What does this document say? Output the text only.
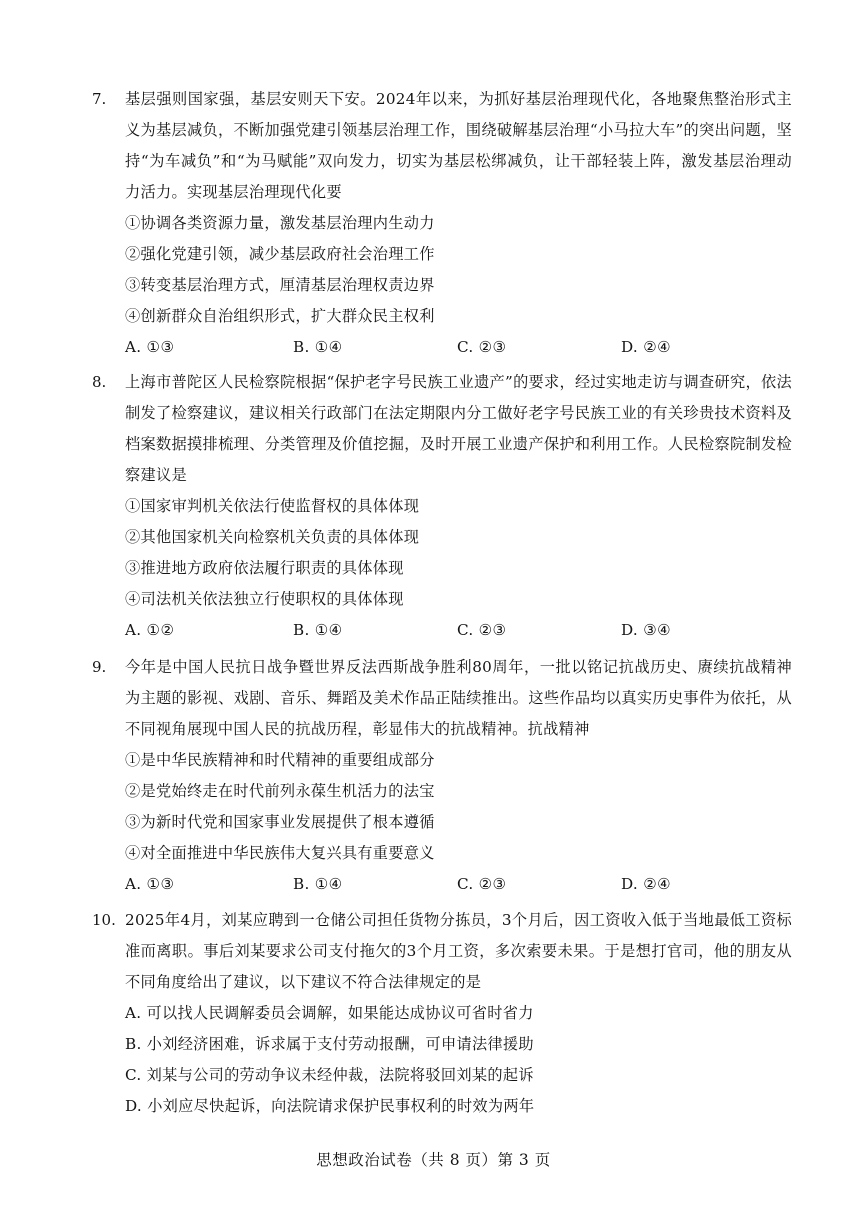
7. 基层强则国家强，基层安则天下安。2024年以来，为抓好基层治理现代化，各地聚焦整治形式主义为基层减负，不断加强党建引领基层治理工作，围绕破解基层治理“小马拉大车”的突出问题，坚持“为车减负”和“为马赋能”双向发力，切实为基层松绑减负，让干部轻装上阵，激发基层治理动力活力。实现基层治理现代化要

①协调各类资源力量，激发基层治理内生动力

②强化党建引领，减少基层政府社会治理工作

③转变基层治理方式，厘清基层治理权责边界

④创新群众自治组织形式，扩大群众民主权利

A. ①③	B. ①④	C. ②③	D. ②④
8. 上海市普陀区人民检察院根据“保护老字号民族工业遗产”的要求，经过实地走访与调查研究，依法制发了检察建议，建议相关行政部门在法定期限内分工做好老字号民族工业的有关珍贵技术资料及档案数据摸排梳理、分类管理及价值挖掘，及时开展工业遗产保护和利用工作。人民检察院制发检察建议是

①国家审判机关依法行使监督权的具体体现

②其他国家机关向检察机关负责的具体体现

③推进地方政府依法履行职责的具体体现

④司法机关依法独立行使职权的具体体现

A. ①②	B. ①④	C. ②③	D. ③④
9. 今年是中国人民抗日战争暨世界反法西斯战争胜利80周年，一批以铭记抗战历史、赓续抗战精神为主题的影视、戏剧、音乐、舞蹈及美术作品正陆续推出。这些作品均以真实历史事件为依托，从不同视角展现中国人民的抗战历程，彰显伟大的抗战精神。抗战精神

①是中华民族精神和时代精神的重要组成部分

②是党始终走在时代前列永葆生机活力的法宝

③为新时代党和国家事业发展提供了根本遵循

④对全面推进中华民族伟大复兴具有重要意义

A. ①③	B. ①④	C. ②③	D. ②④
10. 2025年4月，刘某应聘到一仓储公司担任货物分拣员，3个月后，因工资收入低于当地最低工资标准而离职。事后刘某要求公司支付拖欠的3个月工资，多次索要未果。于是想打官司，他的朋友从不同角度给出了建议，以下建议不符合法律规定的是

A. 可以找人民调解委员会调解，如果能达成协议可省时省力

B. 小刘经济困难，诉求属于支付劳动报酬，可申请法律援助

C. 刘某与公司的劳动争议未经仲裁，法院将驳回刘某的起诉

D. 小刘应尽快起诉，向法院请求保护民事权利的时效为两年

思想政治试卷（共 8 页）第 3 页
